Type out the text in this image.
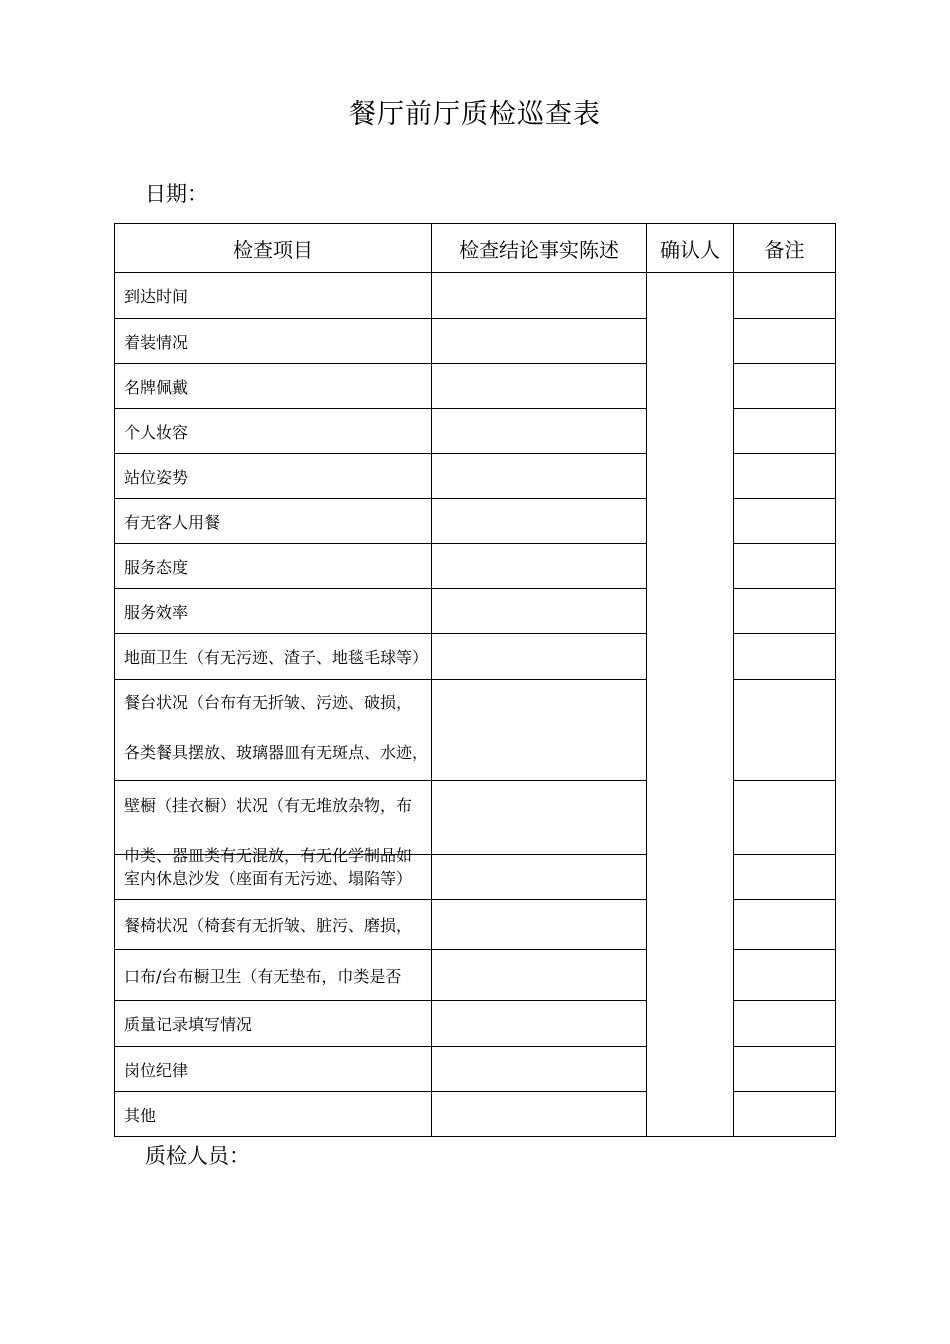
餐厅前厅质检巡查表
日期：
检查项目	检查结论事实陈述	确认人	备注
到达时间			
着装情况			
名牌佩戴			
个人妆容			
站位姿势			
有无客人用餐			
服务态度			
服务效率			
地面卫生（有无污迹、渣子、地毯毛球等）			

餐台状况（台布有无折皱、污迹、破损，
各类餐具摆放、玻璃器皿有无斑点、水迹，			

壁橱（挂衣橱）状况（有无堆放杂物，布
巾类、器皿类有无混放，有无化学制品如			

室内休息沙发（座面有无污迹、塌陷等）			
餐椅状况（椅套有无折皱、脏污、磨损，			
口布/台布橱卫生（有无垫布，巾类是否			
质量记录填写情况			
岗位纪律			
其他			
质检人员：
